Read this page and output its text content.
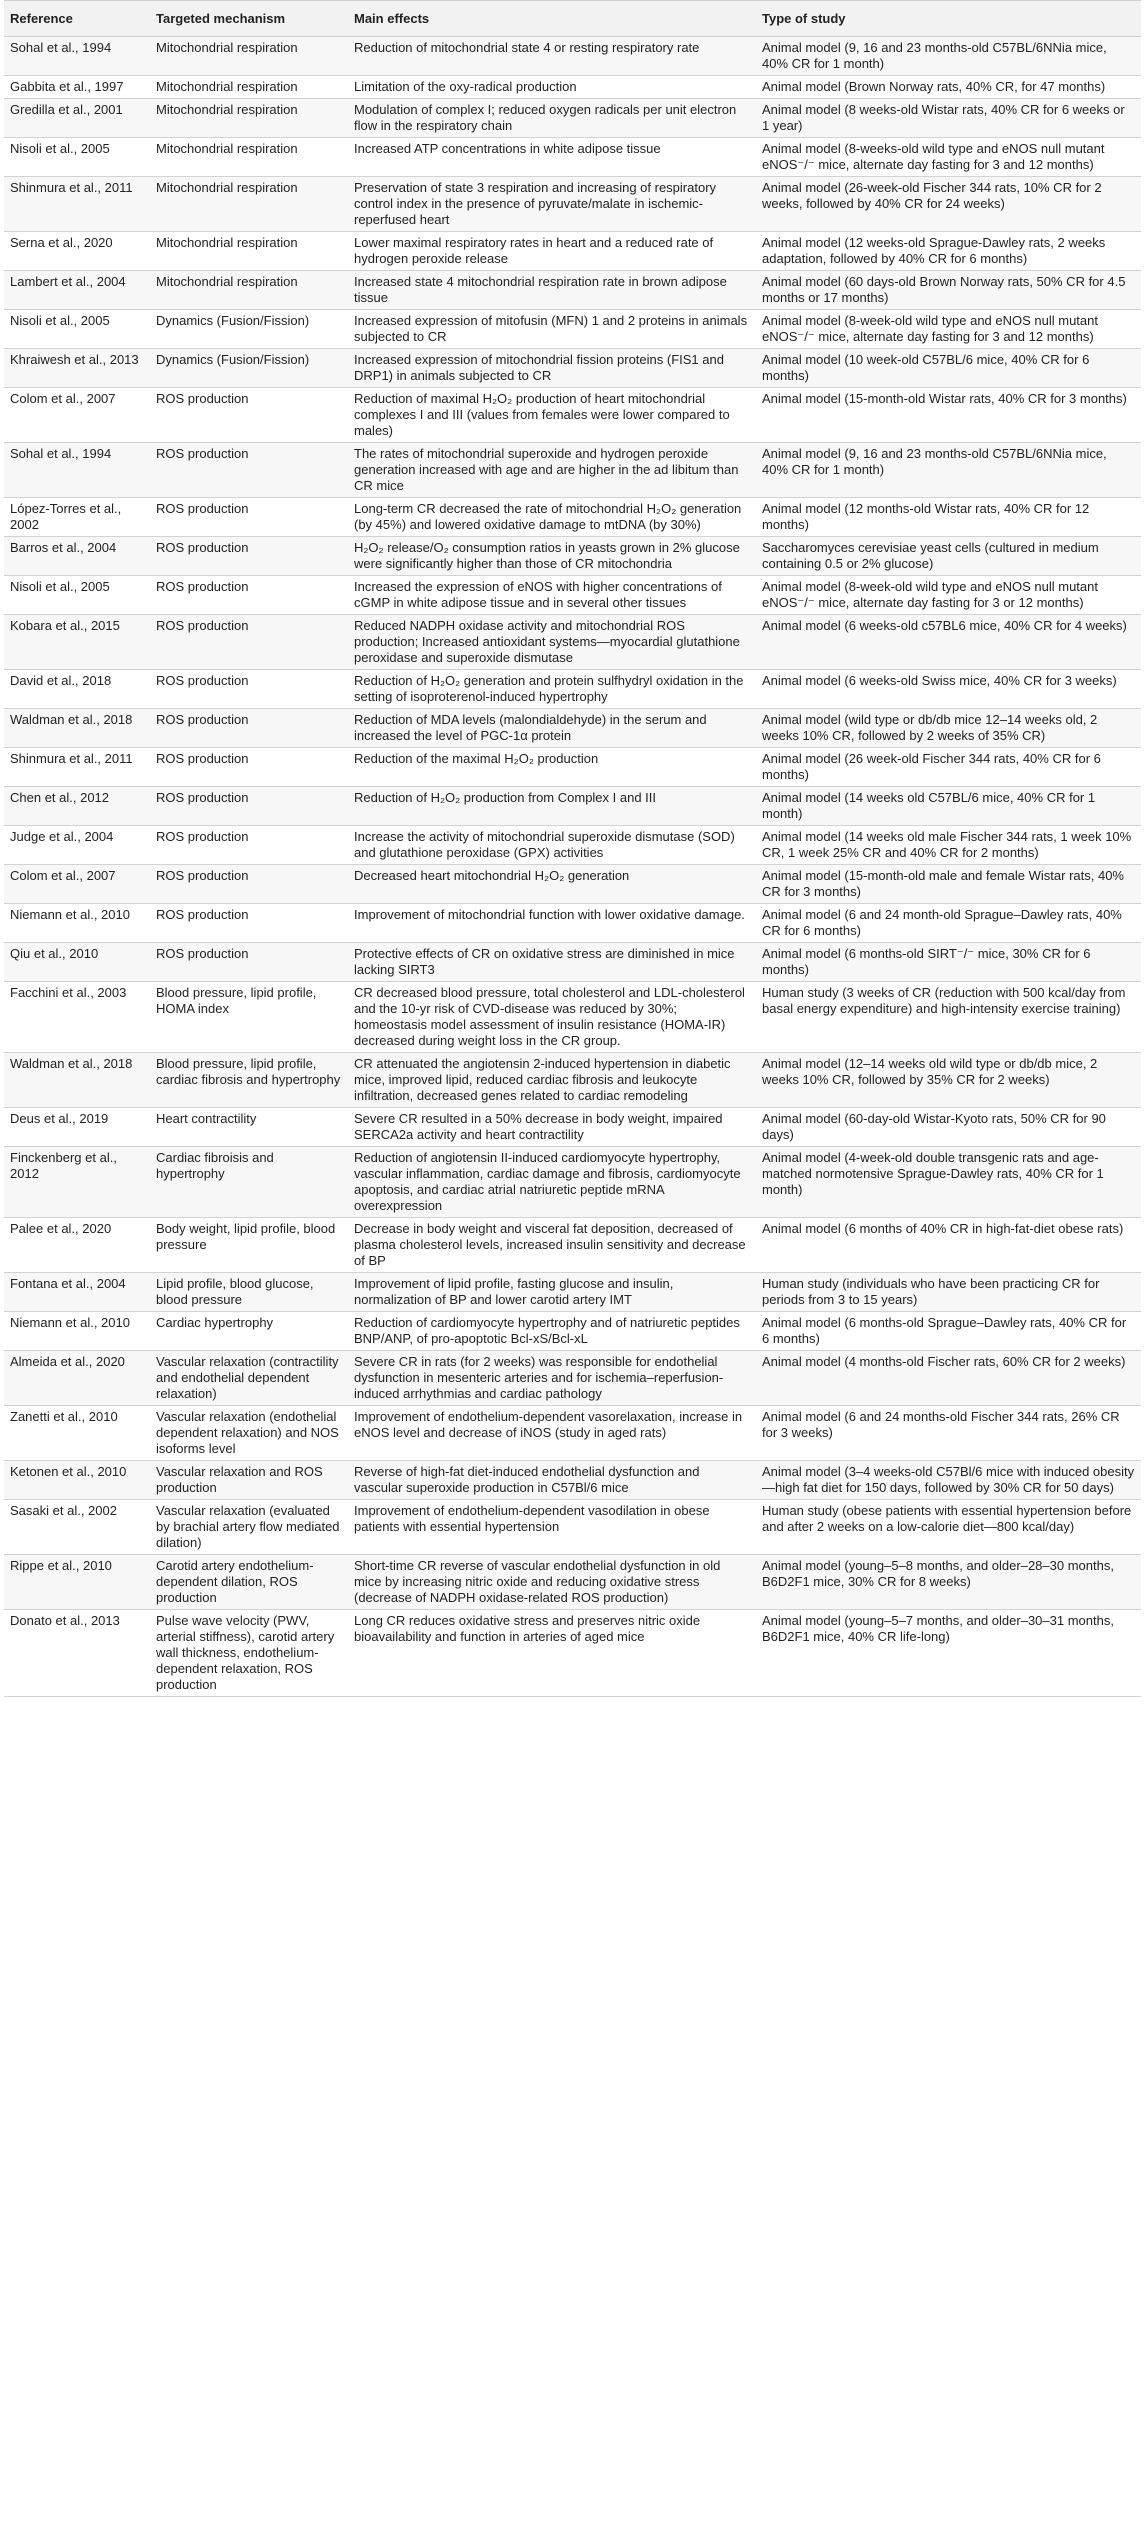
Reference	Targeted mechanism	Main effects	Type of study
Sohal et al., 1994	Mitochondrial respiration	Reduction of mitochondrial state 4 or resting respiratory rate	Animal model (9, 16 and 23 months-old C57BL/6NNia mice, 40% CR for 1 month)
Gabbita et al., 1997	Mitochondrial respiration	Limitation of the oxy-radical production	Animal model (Brown Norway rats, 40% CR, for 47 months)
Gredilla et al., 2001	Mitochondrial respiration	Modulation of complex I; reduced oxygen radicals per unit electron flow in the respiratory chain	Animal model (8 weeks-old Wistar rats, 40% CR for 6 weeks or 1 year)
Nisoli et al., 2005	Mitochondrial respiration	Increased ATP concentrations in white adipose tissue	Animal model (8-weeks-old wild type and eNOS null mutant eNOS⁻/⁻ mice, alternate day fasting for 3 and 12 months)
Shinmura et al., 2011	Mitochondrial respiration	Preservation of state 3 respiration and increasing of respiratory control index in the presence of pyruvate/malate in ischemic-reperfused heart	Animal model (26-week-old Fischer 344 rats, 10% CR for 2 weeks, followed by 40% CR for 24 weeks)
Serna et al., 2020	Mitochondrial respiration	Lower maximal respiratory rates in heart and a reduced rate of hydrogen peroxide release	Animal model (12 weeks-old Sprague-Dawley rats, 2 weeks adaptation, followed by 40% CR for 6 months)
Lambert et al., 2004	Mitochondrial respiration	Increased state 4 mitochondrial respiration rate in brown adipose tissue	Animal model (60 days-old Brown Norway rats, 50% CR for 4.5 months or 17 months)
Nisoli et al., 2005	Dynamics (Fusion/Fission)	Increased expression of mitofusin (MFN) 1 and 2 proteins in animals subjected to CR	Animal model (8-week-old wild type and eNOS null mutant eNOS⁻/⁻ mice, alternate day fasting for 3 and 12 months)
Khraiwesh et al., 2013	Dynamics (Fusion/Fission)	Increased expression of mitochondrial fission proteins (FIS1 and DRP1) in animals subjected to CR	Animal model (10 week-old C57BL/6 mice, 40% CR for 6 months)
Colom et al., 2007	ROS production	Reduction of maximal H₂O₂ production of heart mitochondrial complexes I and III (values from females were lower compared to males)	Animal model (15-month-old Wistar rats, 40% CR for 3 months)
Sohal et al., 1994	ROS production	The rates of mitochondrial superoxide and hydrogen peroxide generation increased with age and are higher in the ad libitum than CR mice	Animal model (9, 16 and 23 months-old C57BL/6NNia mice, 40% CR for 1 month)
López-Torres et al., 2002	ROS production	Long-term CR decreased the rate of mitochondrial H₂O₂ generation (by 45%) and lowered oxidative damage to mtDNA (by 30%)	Animal model (12 months-old Wistar rats, 40% CR for 12 months)
Barros et al., 2004	ROS production	H₂O₂ release/O₂ consumption ratios in yeasts grown in 2% glucose were significantly higher than those of CR mitochondria	Saccharomyces cerevisiae yeast cells (cultured in medium containing 0.5 or 2% glucose)
Nisoli et al., 2005	ROS production	Increased the expression of eNOS with higher concentrations of cGMP in white adipose tissue and in several other tissues	Animal model (8-week-old wild type and eNOS null mutant eNOS⁻/⁻ mice, alternate day fasting for 3 or 12 months)
Kobara et al., 2015	ROS production	Reduced NADPH oxidase activity and mitochondrial ROS production; Increased antioxidant systems—myocardial glutathione peroxidase and superoxide dismutase	Animal model (6 weeks-old c57BL6 mice, 40% CR for 4 weeks)
David et al., 2018	ROS production	Reduction of H₂O₂ generation and protein sulfhydryl oxidation in the setting of isoproterenol-induced hypertrophy	Animal model (6 weeks-old Swiss mice, 40% CR for 3 weeks)
Waldman et al., 2018	ROS production	Reduction of MDA levels (malondialdehyde) in the serum and increased the level of PGC-1α protein	Animal model (wild type or db/db mice 12–14 weeks old, 2 weeks 10% CR, followed by 2 weeks of 35% CR)
Shinmura et al., 2011	ROS production	Reduction of the maximal H₂O₂ production	Animal model (26 week-old Fischer 344 rats, 40% CR for 6 months)
Chen et al., 2012	ROS production	Reduction of H₂O₂ production from Complex I and III	Animal model (14 weeks old C57BL/6 mice, 40% CR for 1 month)
Judge et al., 2004	ROS production	Increase the activity of mitochondrial superoxide dismutase (SOD) and glutathione peroxidase (GPX) activities	Animal model (14 weeks old male Fischer 344 rats, 1 week 10% CR, 1 week 25% CR and 40% CR for 2 months)
Colom et al., 2007	ROS production	Decreased heart mitochondrial H₂O₂ generation	Animal model (15-month-old male and female Wistar rats, 40% CR for 3 months)
Niemann et al., 2010	ROS production	Improvement of mitochondrial function with lower oxidative damage.	Animal model (6 and 24 month-old Sprague–Dawley rats, 40% CR for 6 months)
Qiu et al., 2010	ROS production	Protective effects of CR on oxidative stress are diminished in mice lacking SIRT3	Animal model (6 months-old SIRT⁻/⁻ mice, 30% CR for 6 months)
Facchini et al., 2003	Blood pressure, lipid profile, HOMA index	CR decreased blood pressure, total cholesterol and LDL-cholesterol and the 10-yr risk of CVD-disease was reduced by 30%; homeostasis model assessment of insulin resistance (HOMA-IR) decreased during weight loss in the CR group.	Human study (3 weeks of CR (reduction with 500 kcal/day from basal energy expenditure) and high-intensity exercise training)
Waldman et al., 2018	Blood pressure, lipid profile, cardiac fibrosis and hypertrophy	CR attenuated the angiotensin 2-induced hypertension in diabetic mice, improved lipid, reduced cardiac fibrosis and leukocyte infiltration, decreased genes related to cardiac remodeling	Animal model (12–14 weeks old wild type or db/db mice, 2 weeks 10% CR, followed by 35% CR for 2 weeks)
Deus et al., 2019	Heart contractility	Severe CR resulted in a 50% decrease in body weight, impaired SERCA2a activity and heart contractility	Animal model (60-day-old Wistar-Kyoto rats, 50% CR for 90 days)
Finckenberg et al., 2012	Cardiac fibroisis and hypertrophy	Reduction of angiotensin II-induced cardiomyocyte hypertrophy, vascular inflammation, cardiac damage and fibrosis, cardiomyocyte apoptosis, and cardiac atrial natriuretic peptide mRNA overexpression	Animal model (4-week-old double transgenic rats and age-matched normotensive Sprague-Dawley rats, 40% CR for 1 month)
Palee et al., 2020	Body weight, lipid profile, blood pressure	Decrease in body weight and visceral fat deposition, decreased of plasma cholesterol levels, increased insulin sensitivity and decrease of BP	Animal model (6 months of 40% CR in high-fat-diet obese rats)
Fontana et al., 2004	Lipid profile, blood glucose, blood pressure	Improvement of lipid profile, fasting glucose and insulin, normalization of BP and lower carotid artery IMT	Human study (individuals who have been practicing CR for periods from 3 to 15 years)
Niemann et al., 2010	Cardiac hypertrophy	Reduction of cardiomyocyte hypertrophy and of natriuretic peptides BNP/ANP, of pro-apoptotic Bcl-xS/Bcl-xL	Animal model (6 months-old Sprague–Dawley rats, 40% CR for 6 months)
Almeida et al., 2020	Vascular relaxation (contractility and endothelial dependent relaxation)	Severe CR in rats (for 2 weeks) was responsible for endothelial dysfunction in mesenteric arteries and for ischemia–reperfusion-induced arrhythmias and cardiac pathology	Animal model (4 months-old Fischer rats, 60% CR for 2 weeks)
Zanetti et al., 2010	Vascular relaxation (endothelial dependent relaxation) and NOS isoforms level	Improvement of endothelium-dependent vasorelaxation, increase in eNOS level and decrease of iNOS (study in aged rats)	Animal model (6 and 24 months-old Fischer 344 rats, 26% CR for 3 weeks)
Ketonen et al., 2010	Vascular relaxation and ROS production	Reverse of high-fat diet-induced endothelial dysfunction and vascular superoxide production in C57Bl/6 mice	Animal model (3–4 weeks-old C57Bl/6 mice with induced obesity—high fat diet for 150 days, followed by 30% CR for 50 days)
Sasaki et al., 2002	Vascular relaxation (evaluated by brachial artery flow mediated dilation)	Improvement of endothelium-dependent vasodilation in obese patients with essential hypertension	Human study (obese patients with essential hypertension before and after 2 weeks on a low-calorie diet—800 kcal/day)
Rippe et al., 2010	Carotid artery endothelium-dependent dilation, ROS production	Short-time CR reverse of vascular endothelial dysfunction in old mice by increasing nitric oxide and reducing oxidative stress (decrease of NADPH oxidase-related ROS production)	Animal model (young–5–8 months, and older–28–30 months, B6D2F1 mice, 30% CR for 8 weeks)
Donato et al., 2013	Pulse wave velocity (PWV, arterial stiffness), carotid artery wall thickness, endothelium-dependent relaxation, ROS production	Long CR reduces oxidative stress and preserves nitric oxide bioavailability and function in arteries of aged mice	Animal model (young–5–7 months, and older–30–31 months, B6D2F1 mice, 40% CR life-long)
